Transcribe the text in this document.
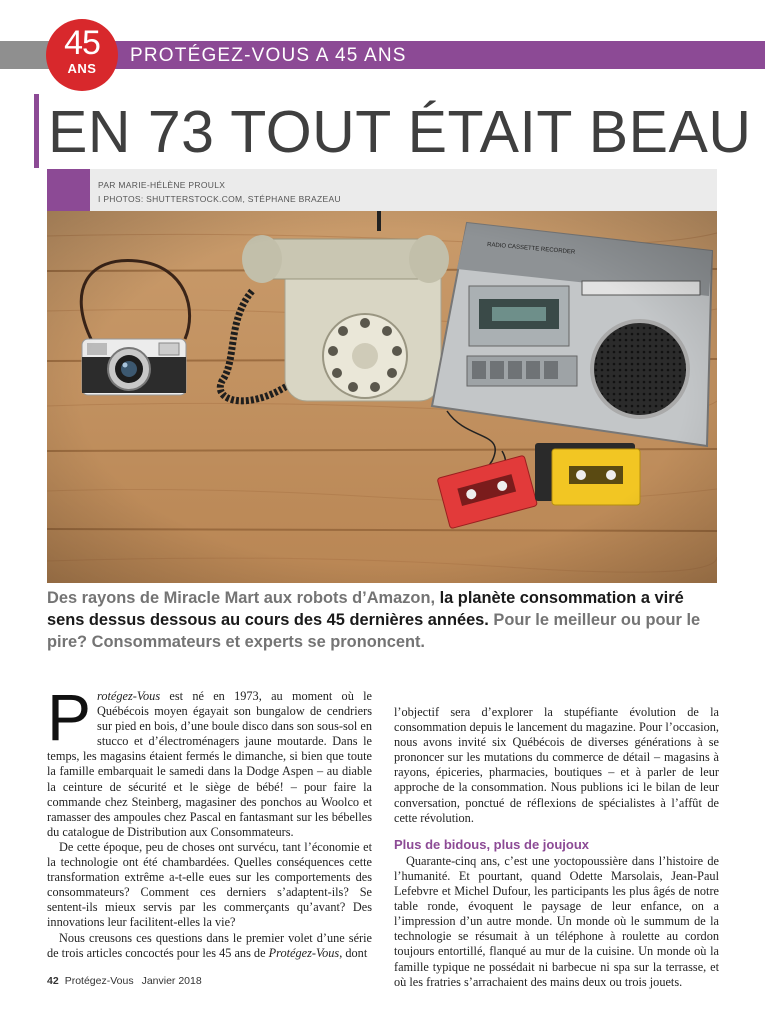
PROTÉGEZ-VOUS A 45 ANS
45
ANS
EN 73 TOUT ÉTAIT BEAU
PAR MARIE-HÉLÈNE PROULX
I PHOTOS: SHUTTERSTOCK.COM, STÉPHANE BRAZEAU

Des rayons de Miracle Mart aux robots d’Amazon, la planète consommation a viré sens dessus dessous au cours des 45 dernières années. Pour le meilleur ou pour le pire? Consommateurs et experts se prononcent.

Protégez-Vous est né en 1973, au moment où le Québécois moyen égayait son bungalow de cendriers sur pied en bois, d’une boule disco dans son sous-sol en stucco et d’électroménagers jaune moutarde. Dans le temps, les magasins étaient fermés le dimanche, si bien que toute la famille embarquait le samedi dans la Dodge Aspen – au diable la ceinture de sécurité et le siège de bébé! – pour faire la commande chez Steinberg, magasiner des ponchos au Woolco et ramasser des ampoules chez Pascal en fantasmant sur les bébelles du catalogue de Distribution aux Consommateurs.

De cette époque, peu de choses ont survécu, tant l’économie et la technologie ont été chambardées. Quelles conséquences cette transformation extrême a-t-elle eues sur les comportements des consommateurs? Comment ces derniers s’adaptent-ils? Se sentent-ils mieux servis par les commerçants qu’avant? Des innovations leur facilitent-elles la vie?

Nous creusons ces questions dans le premier volet d’une série de trois articles concoctés pour les 45 ans de Protégez-Vous, dont

l’objectif sera d’explorer la stupéfiante évolution de la consommation depuis le lancement du magazine. Pour l’occasion, nous avons invité six Québécois de diverses générations à se prononcer sur les mutations du commerce de détail – magasins à rayons, épiceries, pharmacies, boutiques – et à parler de leur approche de la consommation. Nous publions ici le bilan de leur conversation, ponctué de réflexions de spécialistes à l’affût de cette révolution.

Plus de bidous, plus de joujoux

Quarante-cinq ans, c’est une yoctopoussière dans l’histoire de l’humanité. Et pourtant, quand Odette Marsolais, Jean-Paul Lefebvre et Michel Dufour, les participants les plus âgés de notre table ronde, évoquent le paysage de leur enfance, on a l’impression d’un autre monde. Un monde où le summum de la technologie se résumait à un téléphone à roulette au cordon toujours entortillé, flanqué au mur de la cuisine. Un monde où la famille typique ne possédait ni barbecue ni spa sur la terrasse, et où les fratries s’arrachaient des mains deux ou trois jouets.

42 Protégez-Vous Janvier 2018
